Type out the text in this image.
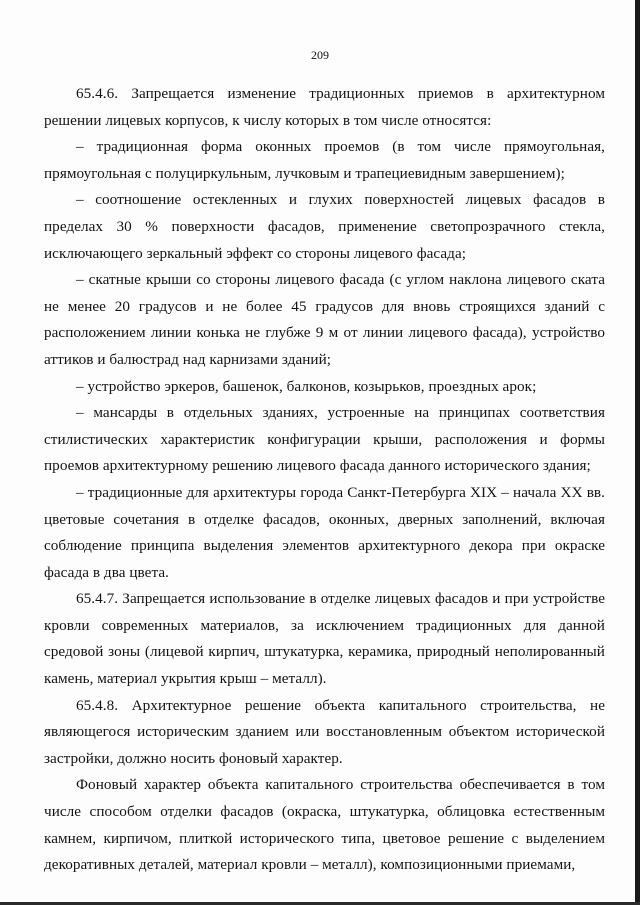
209

65.4.6. Запрещается изменение традиционных приемов в архитектурном решении лицевых корпусов, к числу которых в том числе относятся:

– традиционная форма оконных проемов (в том числе прямоугольная, прямоугольная с полуциркульным, лучковым и трапециевидным завершением);

– соотношение остекленных и глухих поверхностей лицевых фасадов в пределах 30 % поверхности фасадов, применение светопрозрачного стекла, исключающего зеркальный эффект со стороны лицевого фасада;

– скатные крыши со стороны лицевого фасада (с углом наклона лицевого ската не менее 20 градусов и не более 45 градусов для вновь строящихся зданий с расположением линии конька не глубже 9 м от линии лицевого фасада), устройство аттиков и балюстрад над карнизами зданий;

– устройство эркеров, башенок, балконов, козырьков, проездных арок;

– мансарды в отдельных зданиях, устроенные на принципах соответствия стилистических характеристик конфигурации крыши, расположения и формы проемов архитектурному решению лицевого фасада данного исторического здания;

– традиционные для архитектуры города Санкт-Петербурга XIX – начала XX вв. цветовые сочетания в отделке фасадов, оконных, дверных заполнений, включая соблюдение принципа выделения элементов архитектурного декора при окраске фасада в два цвета.

65.4.7. Запрещается использование в отделке лицевых фасадов и при устройстве кровли современных материалов, за исключением традиционных для данной средовой зоны (лицевой кирпич, штукатурка, керамика, природный неполированный камень, материал укрытия крыш – металл).

65.4.8. Архитектурное решение объекта капитального строительства, не являющегося историческим зданием или восстановленным объектом исторической застройки, должно носить фоновый характер.

Фоновый характер объекта капитального строительства обеспечивается в том числе способом отделки фасадов (окраска, штукатурка, облицовка естественным камнем, кирпичом, плиткой исторического типа, цветовое решение с выделением декоративных деталей, материал кровли – металл), композиционными приемами,
